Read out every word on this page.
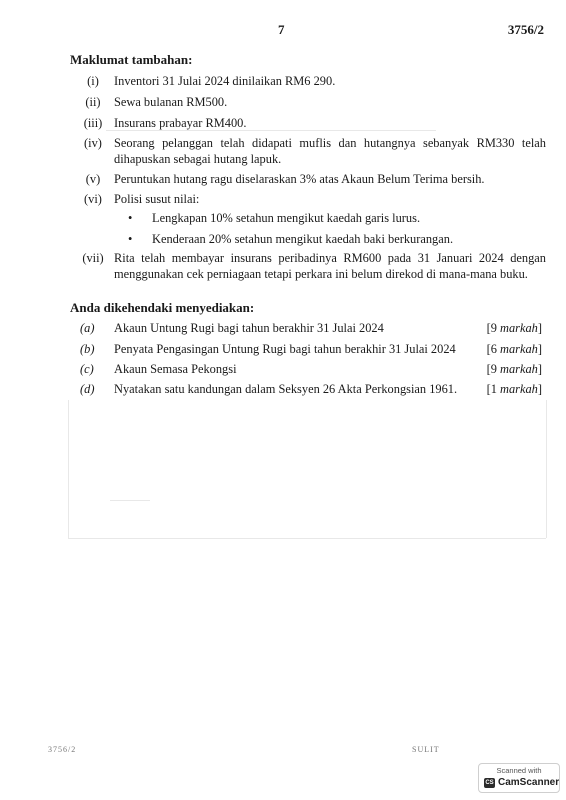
7	3756/2
Maklumat tambahan:
(i)	Inventori 31 Julai 2024 dinilaikan RM6 290.
(ii)	Sewa bulanan RM500.
(iii) Insurans prabayar RM400.
(iv) Seorang pelanggan telah didapati muflis dan hutangnya sebanyak RM330 telah dihapuskan sebagai hutang lapuk.
(v)	Peruntukan hutang ragu diselaraskan 3% atas Akaun Belum Terima bersih.
(vi) Polisi susut nilai:
• Lengkapan 10% setahun mengikut kaedah garis lurus.
• Kenderaan 20% setahun mengikut kaedah baki berkurangan.
(vii) Rita telah membayar insurans peribadinya RM600 pada 31 Januari 2024 dengan menggunakan cek perniagaan tetapi perkara ini belum direkod di mana-mana buku.
Anda dikehendaki menyediakan:
(a) Akaun Untung Rugi bagi tahun berakhir 31 Julai 2024	[9 markah]
(b) Penyata Pengasingan Untung Rugi bagi tahun berakhir 31 Julai 2024 [6 markah]
(c) Akaun Semasa Pekongsi	[9 markah]
(d) Nyatakan satu kandungan dalam Seksyen 26 Akta Perkongsian 1961. [1 markah]
3756/2	SULIT
Scanned with
CS CamScanner
